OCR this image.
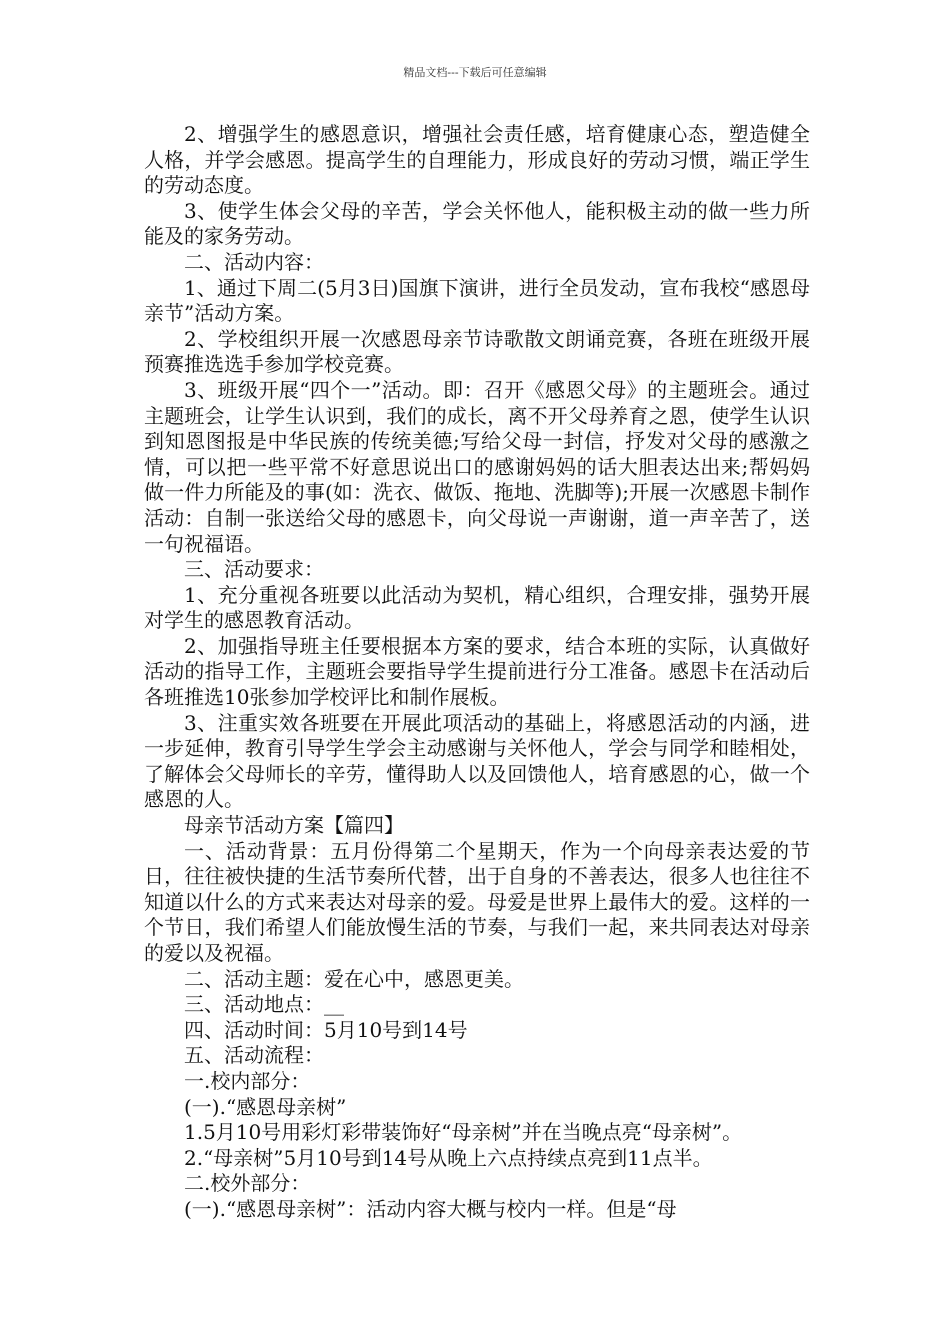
精品文档---下载后可任意编辑

2、增强学生的感恩意识，增强社会责任感，培育健康心态，塑造健全人格，并学会感恩。提高学生的自理能力，形成良好的劳动习惯，端正学生的劳动态度。

3、使学生体会父母的辛苦，学会关怀他人，能积极主动的做一些力所能及的家务劳动。

二、活动内容：

1、通过下周二(5月3日)国旗下演讲，进行全员发动，宣布我校“感恩母亲节”活动方案。

2、学校组织开展一次感恩母亲节诗歌散文朗诵竞赛，各班在班级开展预赛推选选手参加学校竞赛。

3、班级开展“四个一”活动。即：召开《感恩父母》的主题班会。通过主题班会，让学生认识到，我们的成长，离不开父母养育之恩，使学生认识到知恩图报是中华民族的传统美德;写给父母一封信，抒发对父母的感激之情，可以把一些平常不好意思说出口的感谢妈妈的话大胆表达出来;帮妈妈做一件力所能及的事(如：洗衣、做饭、拖地、洗脚等);开展一次感恩卡制作活动：自制一张送给父母的感恩卡，向父母说一声谢谢，道一声辛苦了，送一句祝福语。

三、活动要求：

1、充分重视各班要以此活动为契机，精心组织，合理安排，强势开展对学生的感恩教育活动。

2、加强指导班主任要根据本方案的要求，结合本班的实际，认真做好活动的指导工作，主题班会要指导学生提前进行分工准备。感恩卡在活动后各班推选10张参加学校评比和制作展板。

3、注重实效各班要在开展此项活动的基础上，将感恩活动的内涵，进一步延伸，教育引导学生学会主动感谢与关怀他人，学会与同学和睦相处，了解体会父母师长的辛劳，懂得助人以及回馈他人，培育感恩的心，做一个感恩的人。

母亲节活动方案【篇四】

一、活动背景：五月份得第二个星期天，作为一个向母亲表达爱的节日，往往被快捷的生活节奏所代替，出于自身的不善表达，很多人也往往不知道以什么的方式来表达对母亲的爱。母爱是世界上最伟大的爱。这样的一个节日，我们希望人们能放慢生活的节奏，与我们一起，来共同表达对母亲的爱以及祝福。

二、活动主题：爱在心中，感恩更美。

三、活动地点：__

四、活动时间：5月10号到14号

五、活动流程：

一.校内部分：

(一).“感恩母亲树”

1.5月10号用彩灯彩带装饰好“母亲树”并在当晚点亮“母亲树”。

2.“母亲树”5月10号到14号从晚上六点持续点亮到11点半。

二.校外部分：

(一).“感恩母亲树”：活动内容大概与校内一样。但是“母
